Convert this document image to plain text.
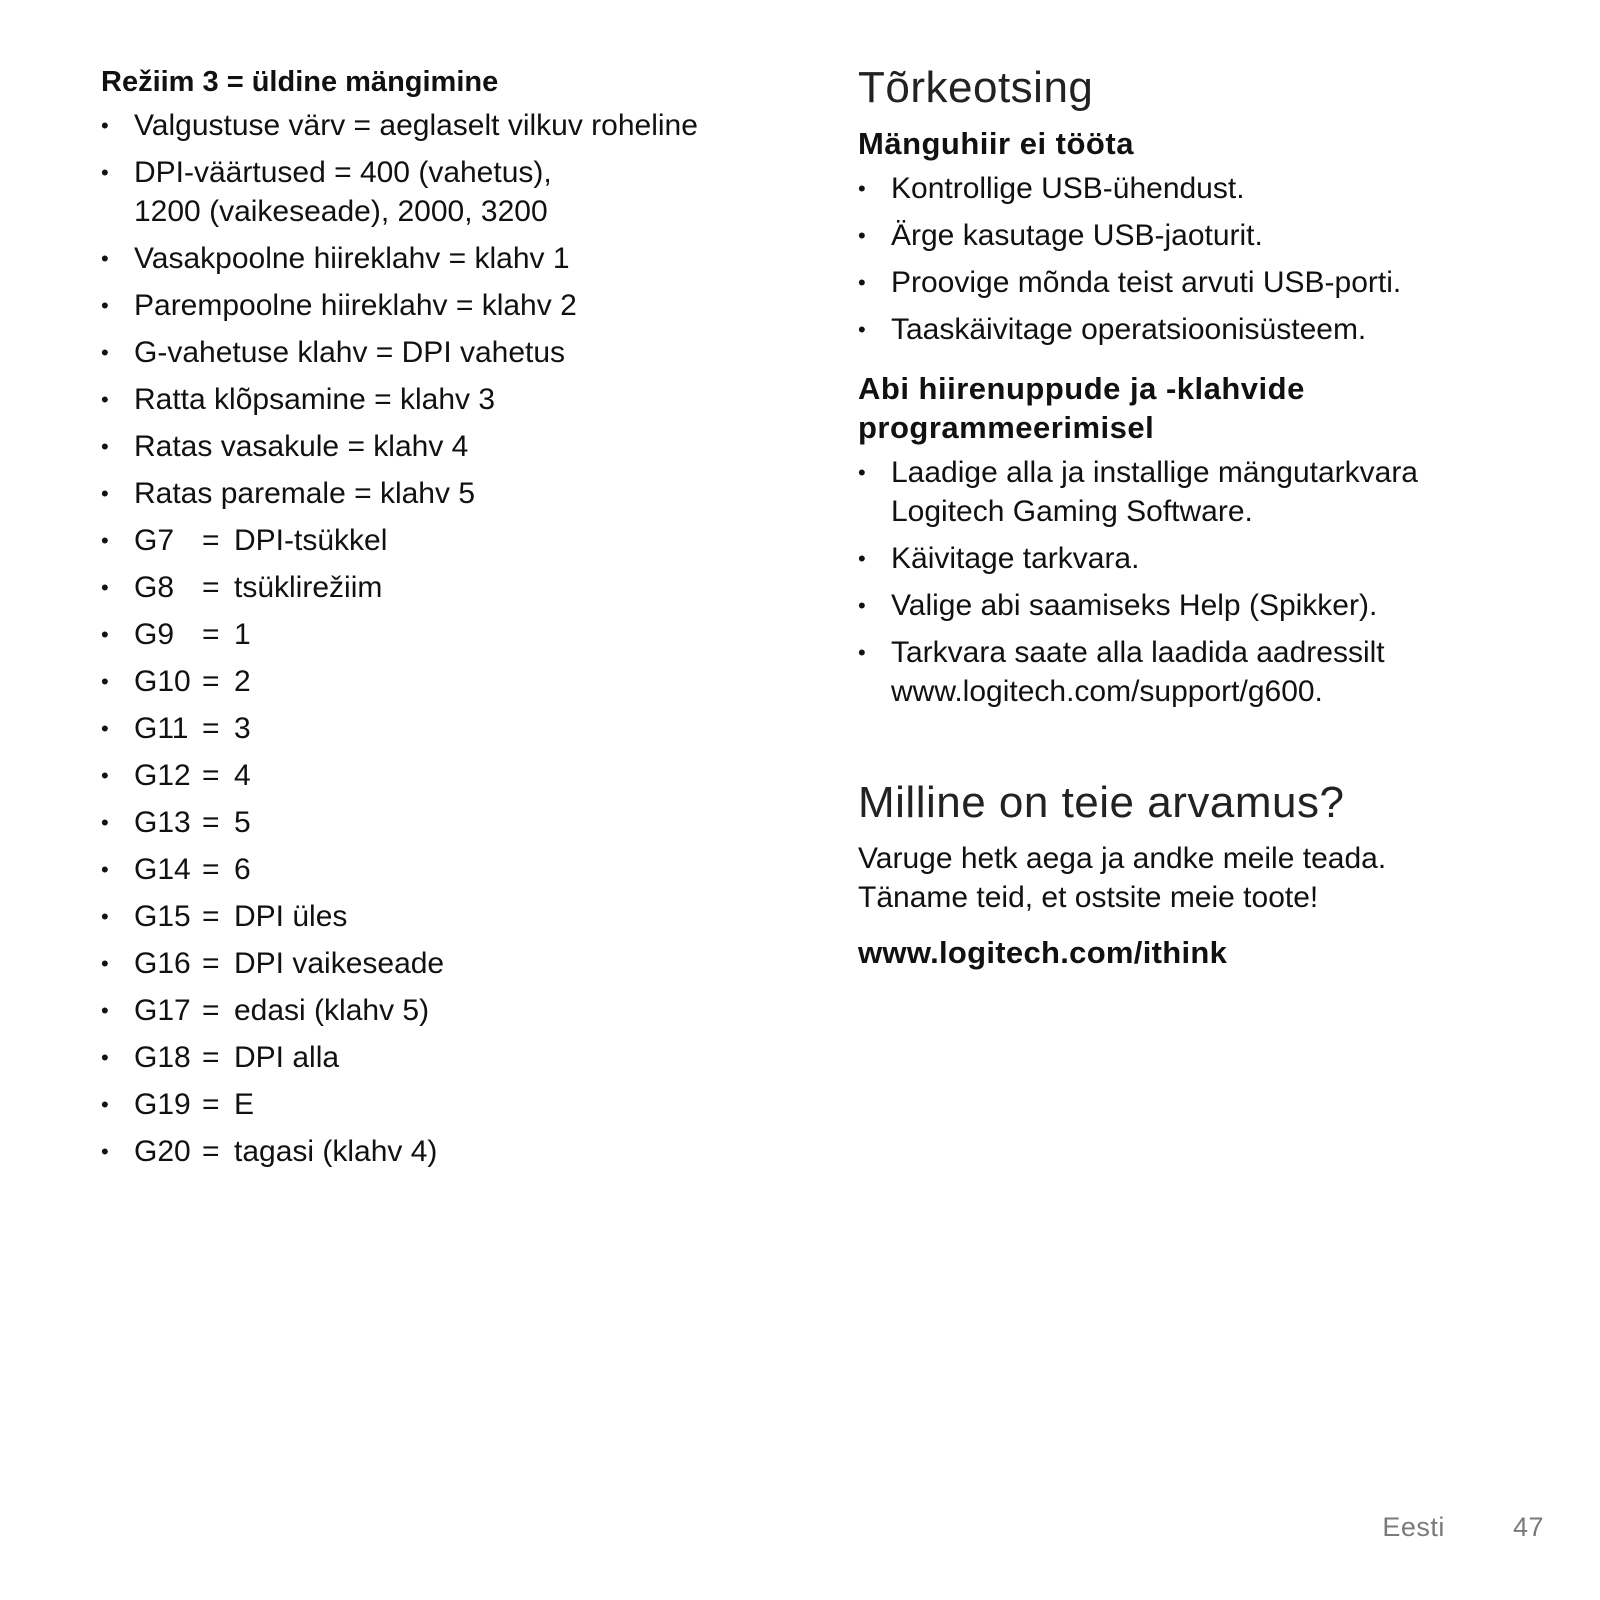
Režiim 3 = üldine mängimine
• Valgustuse värv = aeglaselt vilkuv roheline
• DPI-väärtused = 400 (vahetus),
1200 (vaikeseade), 2000, 3200
• Vasakpoolne hiireklahv = klahv 1
• Parempoolne hiireklahv = klahv 2
• G-vahetuse klahv = DPI vahetus
• Ratta klõpsamine = klahv 3
• Ratas vasakule = klahv 4
• Ratas paremale = klahv 5
• G7 = DPI-tsükkel
• G8 = tsüklirežiim
• G9 = 1
• G10 = 2
• G11 = 3
• G12 = 4
• G13 = 5
• G14 = 6
• G15 = DPI üles
• G16 = DPI vaikeseade
• G17 = edasi (klahv 5)
• G18 = DPI alla
• G19 = E
• G20 = tagasi (klahv 4)
Tõrkeotsing
Mänguhiir ei tööta
• Kontrollige USB-ühendust.
• Ärge kasutage USB-jaoturit.
• Proovige mõnda teist arvuti USB-porti.
• Taaskäivitage operatsioonisüsteem.
Abi hiirenuppude ja -klahvide
programmeerimisel
• Laadige alla ja installige mängutarkvara
Logitech Gaming Software.
• Käivitage tarkvara.
• Valige abi saamiseks Help (Spikker).
• Tarkvara saate alla laadida aadressilt
www.logitech.com/support/g600.
Milline on teie arvamus?

Varuge hetk aega ja andke meile teada.
Täname teid, et ostsite meie toote!

www.logitech.com/ithink
Eesti	47
